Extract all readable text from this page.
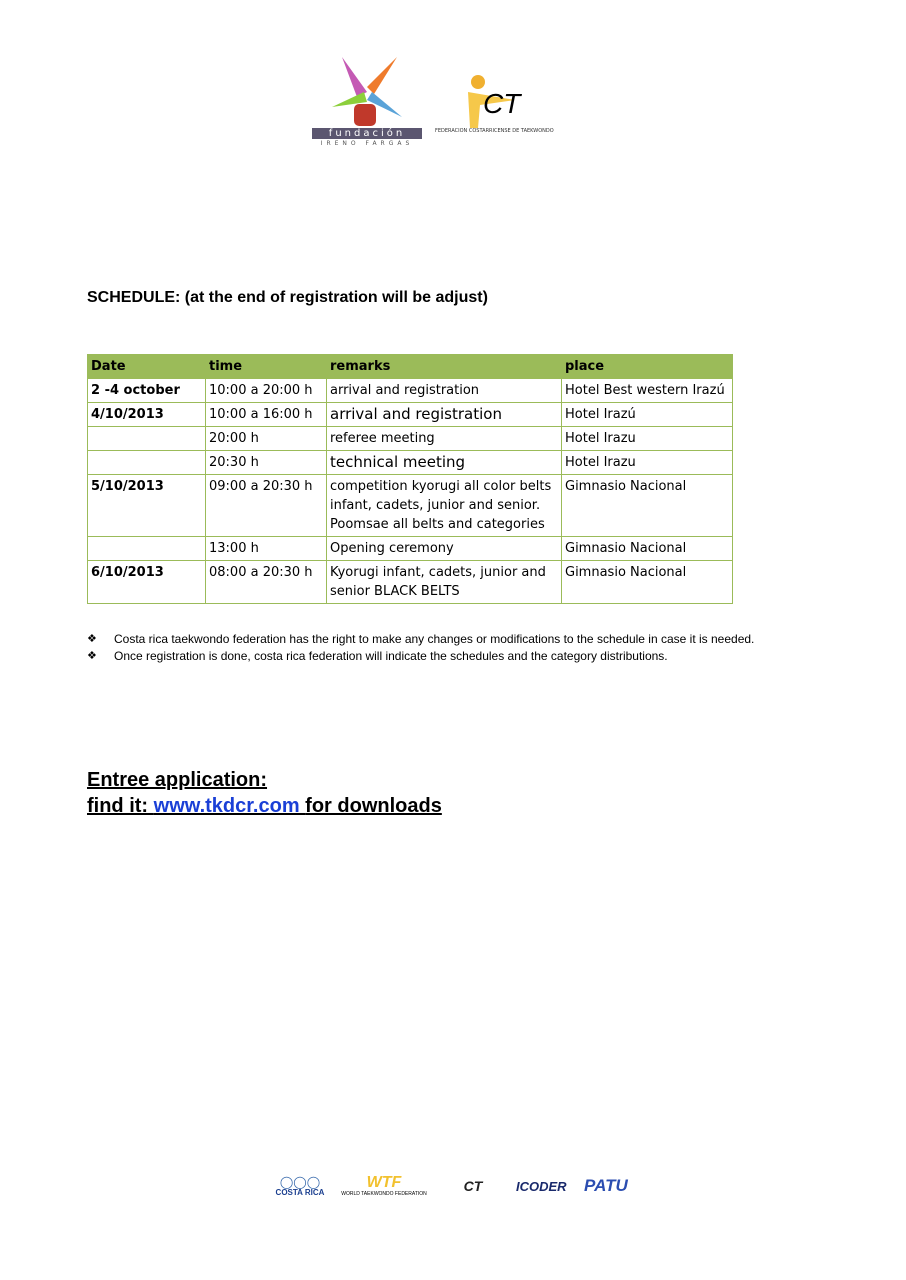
fundación
IRENO FARGAS
CT
FEDERACION COSTARRICENSE DE TAEKWONDO
SCHEDULE: (at the end of registration will be adjust)
Date	time	remarks	place
2 -4 october	10:00 a 20:00 h	arrival and registration	Hotel Best western Irazú
4/10/2013	10:00 a 16:00 h	arrival and registration	Hotel Irazú
	20:00 h	referee meeting	Hotel Irazu
	20:30 h	technical meeting	Hotel Irazu
5/10/2013	09:00 a 20:30 h	competition kyorugi all color belts infant, cadets, junior and senior. Poomsae all belts and categories	Gimnasio Nacional
	13:00 h	Opening ceremony	Gimnasio Nacional
6/10/2013	08:00 a 20:30 h	Kyorugi infant, cadets, junior and senior BLACK BELTS	Gimnasio Nacional
❖ Costa rica taekwondo federation has the right to make any changes or modifications to the schedule in case it is needed.
❖ Once registration is done, costa rica federation will indicate the schedules and the category distributions.
Entree application:
find it: www.tkdcr.com for downloads
◯◯◯
COSTA RICA
WTF
WORLD TAEKWONDO FEDERATION	CT	ICODER	PATU
